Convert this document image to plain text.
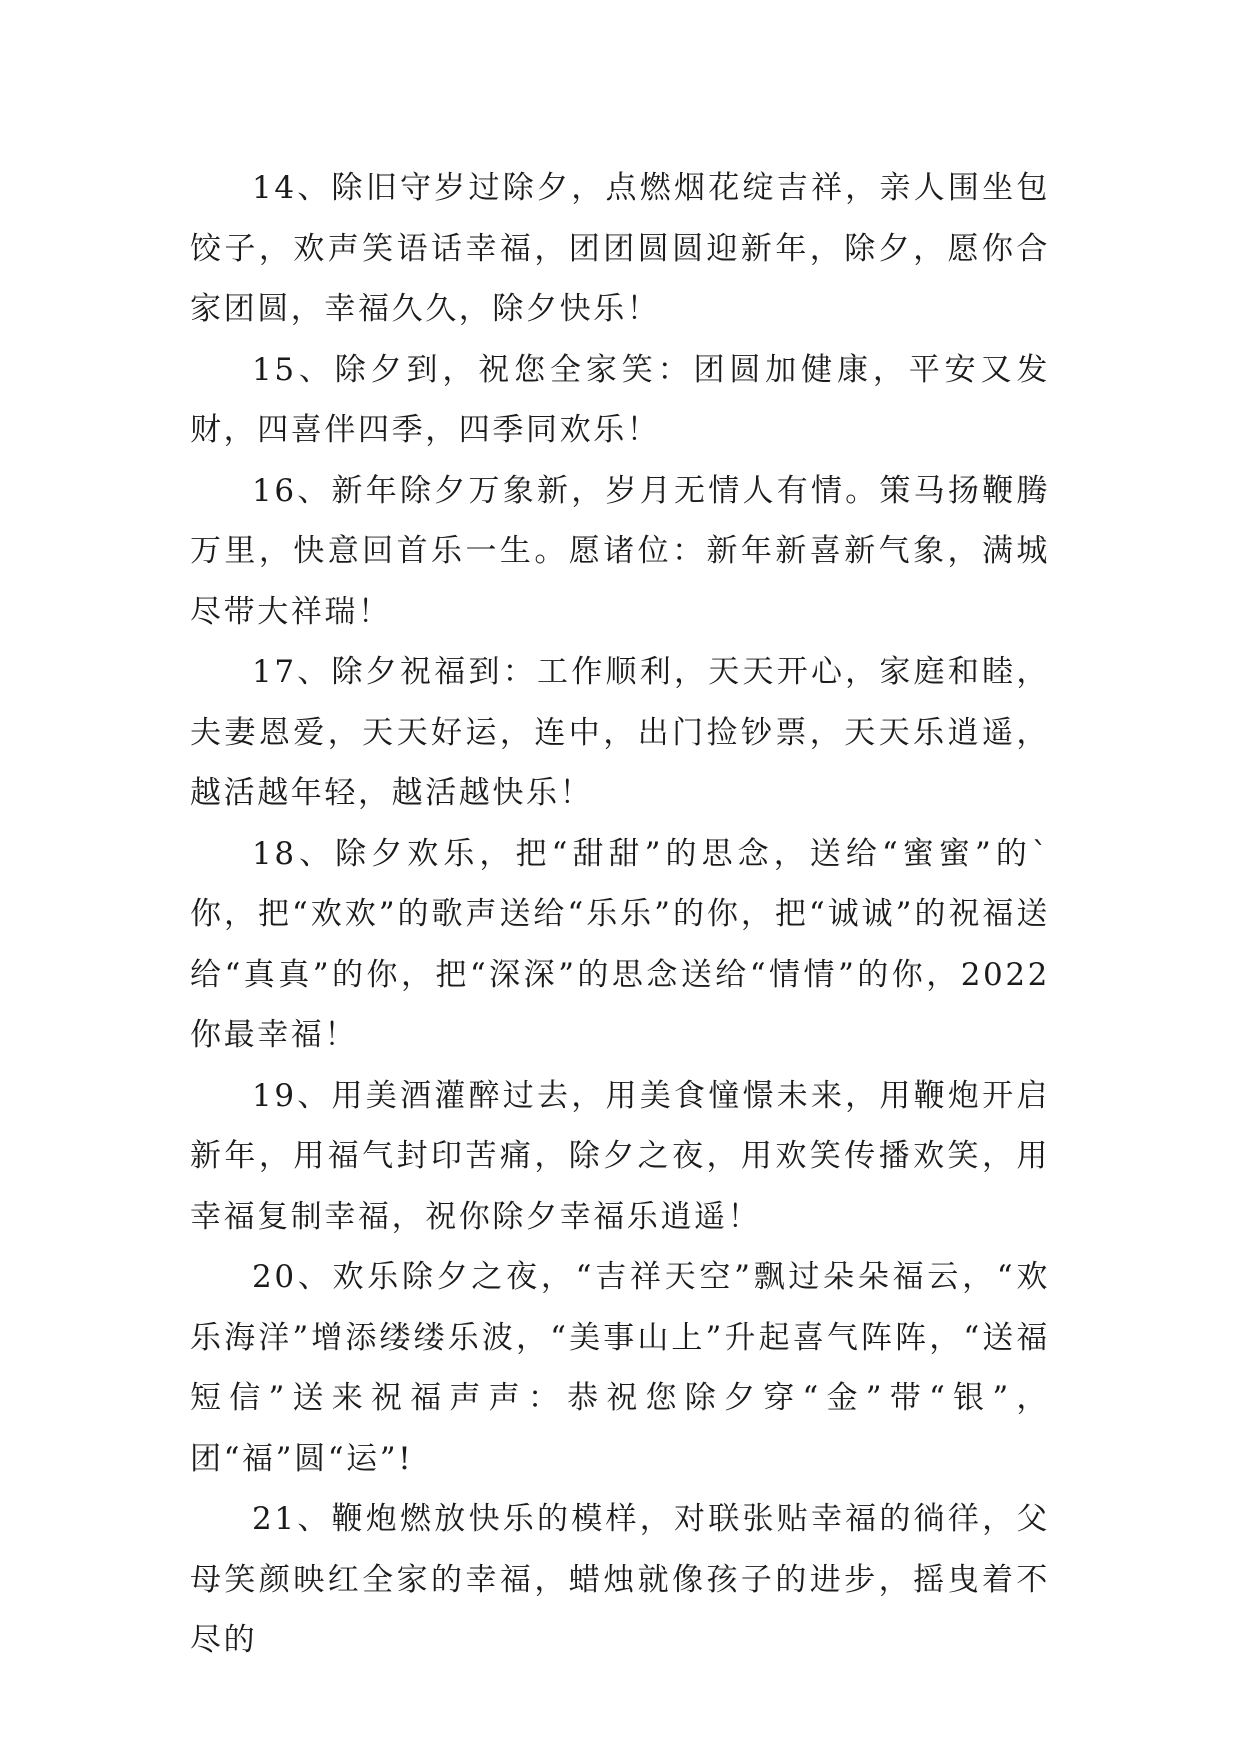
14、除旧守岁过除夕，点燃烟花绽吉祥，亲人围坐包饺子，欢声笑语话幸福，团团圆圆迎新年，除夕，愿你合家团圆，幸福久久，除夕快乐！

15、除夕到，祝您全家笑：团圆加健康，平安又发财，四喜伴四季，四季同欢乐！

16、新年除夕万象新，岁月无情人有情。策马扬鞭腾万里，快意回首乐一生。愿诸位：新年新喜新气象，满城尽带大祥瑞！

17、除夕祝福到：工作顺利，天天开心，家庭和睦，夫妻恩爱，天天好运，连中，出门捡钞票，天天乐逍遥，越活越年轻，越活越快乐！

18、除夕欢乐，把“甜甜”的思念，送给“蜜蜜”的`你，把“欢欢”的歌声送给“乐乐”的你，把“诚诚”的祝福送给“真真”的你，把“深深”的思念送给“情情”的你，2022你最幸福！

19、用美酒灌醉过去，用美食憧憬未来，用鞭炮开启新年，用福气封印苦痛，除夕之夜，用欢笑传播欢笑，用幸福复制幸福，祝你除夕幸福乐逍遥！

20、欢乐除夕之夜，“吉祥天空”飘过朵朵福云，“欢乐海洋”增添缕缕乐波，“美事山上”升起喜气阵阵，“送福短信”送来祝福声声：恭祝您除夕穿“金”带“银”，团“福”圆“运”!

21、鞭炮燃放快乐的模样，对联张贴幸福的徜徉，父母笑颜映红全家的幸福，蜡烛就像孩子的进步，摇曳着不尽的
